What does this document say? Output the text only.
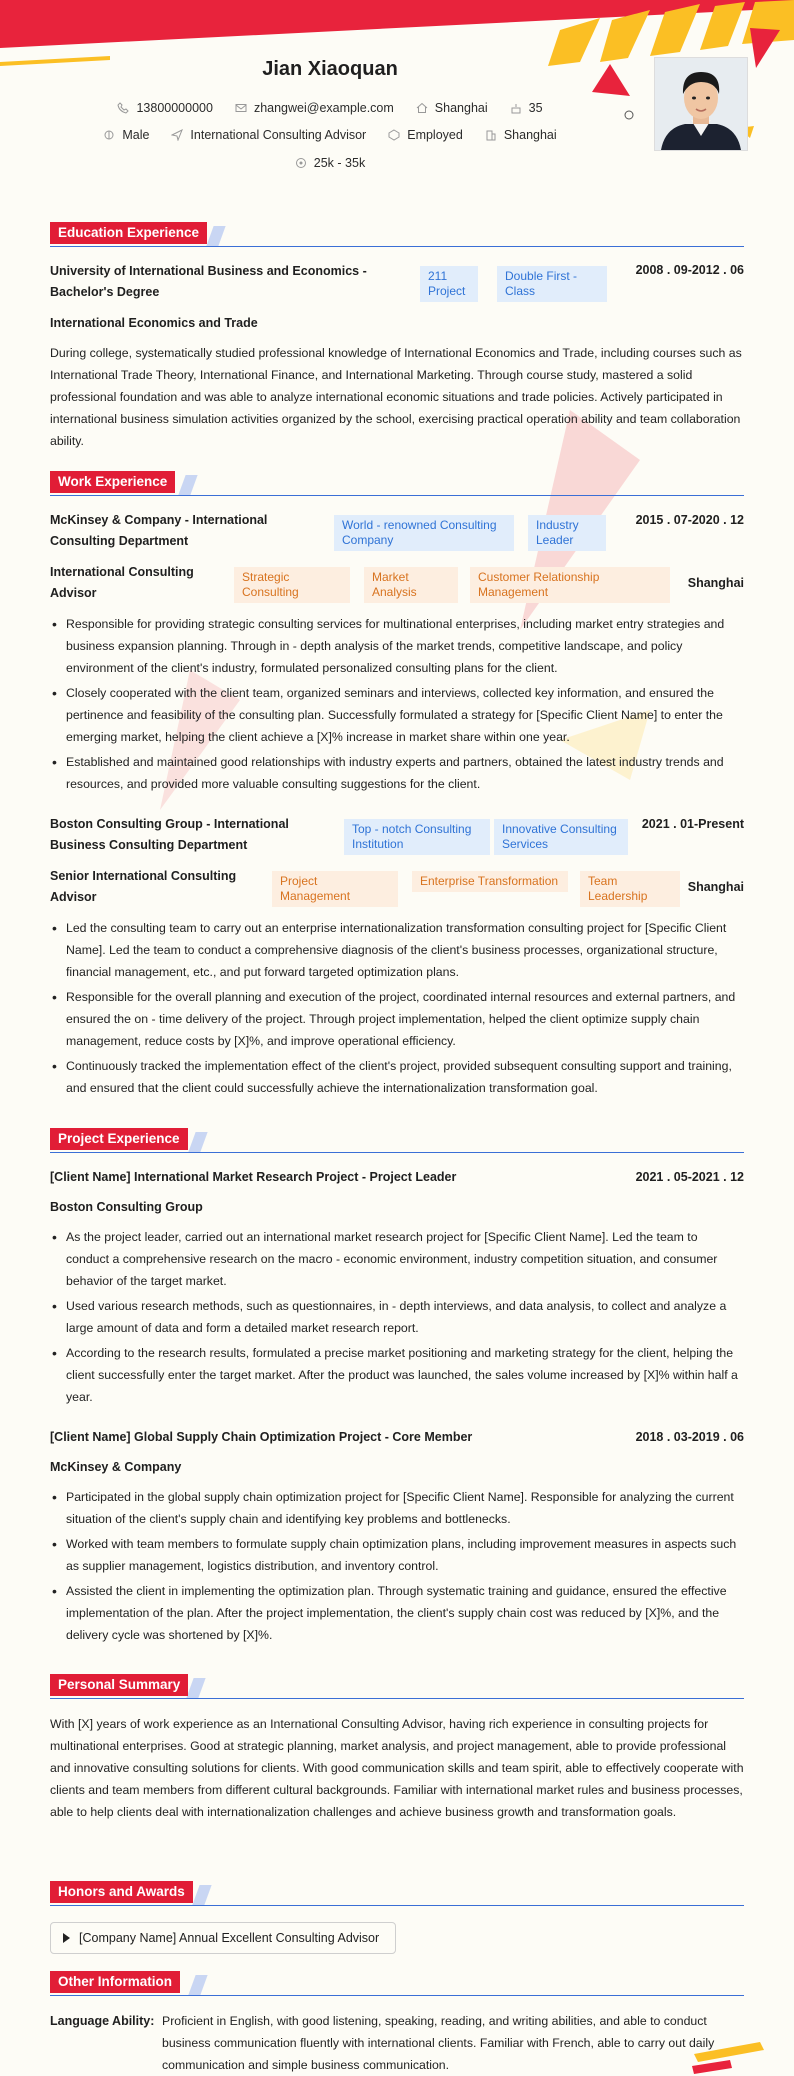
Jian Xiaoquan
13800000000	zhangwei@example.com	Shanghai	35
Male	International Consulting Advisor	Employed	Shanghai
25k - 35k
Education Experience
University of International Business and Economics - Bachelor's Degree
211 Project
Double First - Class
2008 . 09-2012 . 06
International Economics and Trade
During college, systematically studied professional knowledge of International Economics and Trade, including courses such as International Trade Theory, International Finance, and International Marketing. Through course study, mastered a solid professional foundation and was able to analyze international economic situations and trade policies. Actively participated in international business simulation activities organized by the school, exercising practical operation ability and team collaboration ability.
Work Experience
McKinsey & Company - International Consulting Department
World - renowned Consulting Company
Industry Leader
2015 . 07-2020 . 12
International Consulting Advisor
Strategic Consulting
Market Analysis
Customer Relationship Management
Shanghai
• Responsible for providing strategic consulting services for multinational enterprises, including market entry strategies and business expansion planning. Through in - depth analysis of the market trends, competitive landscape, and policy environment of the client's industry, formulated personalized consulting plans for the client.
• Closely cooperated with the client team, organized seminars and interviews, collected key information, and ensured the pertinence and feasibility of the consulting plan. Successfully formulated a strategy for [Specific Client Name] to enter the emerging market, helping the client achieve a [X]% increase in market share within one year.
• Established and maintained good relationships with industry experts and partners, obtained the latest industry trends and resources, and provided more valuable consulting suggestions for the client.
Boston Consulting Group - International Business Consulting Department
Top - notch Consulting Institution
Innovative Consulting Services
2021 . 01-Present
Senior International Consulting Advisor
Project Management
Enterprise Transformation	Team Leadership
Shanghai
• Led the consulting team to carry out an enterprise internationalization transformation consulting project for [Specific Client Name]. Led the team to conduct a comprehensive diagnosis of the client's business processes, organizational structure, financial management, etc., and put forward targeted optimization plans.
• Responsible for the overall planning and execution of the project, coordinated internal resources and external partners, and ensured the on - time delivery of the project. Through project implementation, helped the client optimize supply chain management, reduce costs by [X]%, and improve operational efficiency.
• Continuously tracked the implementation effect of the client's project, provided subsequent consulting support and training, and ensured that the client could successfully achieve the internationalization transformation goal.
Project Experience
[Client Name] International Market Research Project - Project Leader	2021 . 05-2021 . 12
Boston Consulting Group
• As the project leader, carried out an international market research project for [Specific Client Name]. Led the team to conduct a comprehensive research on the macro - economic environment, industry competition situation, and consumer behavior of the target market.
• Used various research methods, such as questionnaires, in - depth interviews, and data analysis, to collect and analyze a large amount of data and form a detailed market research report.
• According to the research results, formulated a precise market positioning and marketing strategy for the client, helping the client successfully enter the target market. After the product was launched, the sales volume increased by [X]% within half a year.
[Client Name] Global Supply Chain Optimization Project - Core Member	2018 . 03-2019 . 06
McKinsey & Company
• Participated in the global supply chain optimization project for [Specific Client Name]. Responsible for analyzing the current situation of the client's supply chain and identifying key problems and bottlenecks.
• Worked with team members to formulate supply chain optimization plans, including improvement measures in aspects such as supplier management, logistics distribution, and inventory control.
• Assisted the client in implementing the optimization plan. Through systematic training and guidance, ensured the effective implementation of the plan. After the project implementation, the client's supply chain cost was reduced by [X]%, and the delivery cycle was shortened by [X]%.
Personal Summary
With [X] years of work experience as an International Consulting Advisor, having rich experience in consulting projects for multinational enterprises. Good at strategic planning, market analysis, and project management, able to provide professional and innovative consulting solutions for clients. With good communication skills and team spirit, able to effectively cooperate with clients and team members from different cultural backgrounds. Familiar with international market rules and business processes, able to help clients deal with internationalization challenges and achieve business growth and transformation goals.
Honors and Awards
[Company Name] Annual Excellent Consulting Advisor
Other Information
Language Ability: Proficient in English, with good listening, speaking, reading, and writing abilities, and able to conduct business communication fluently with international clients. Familiar with French, able to carry out daily communication and simple business communication.
